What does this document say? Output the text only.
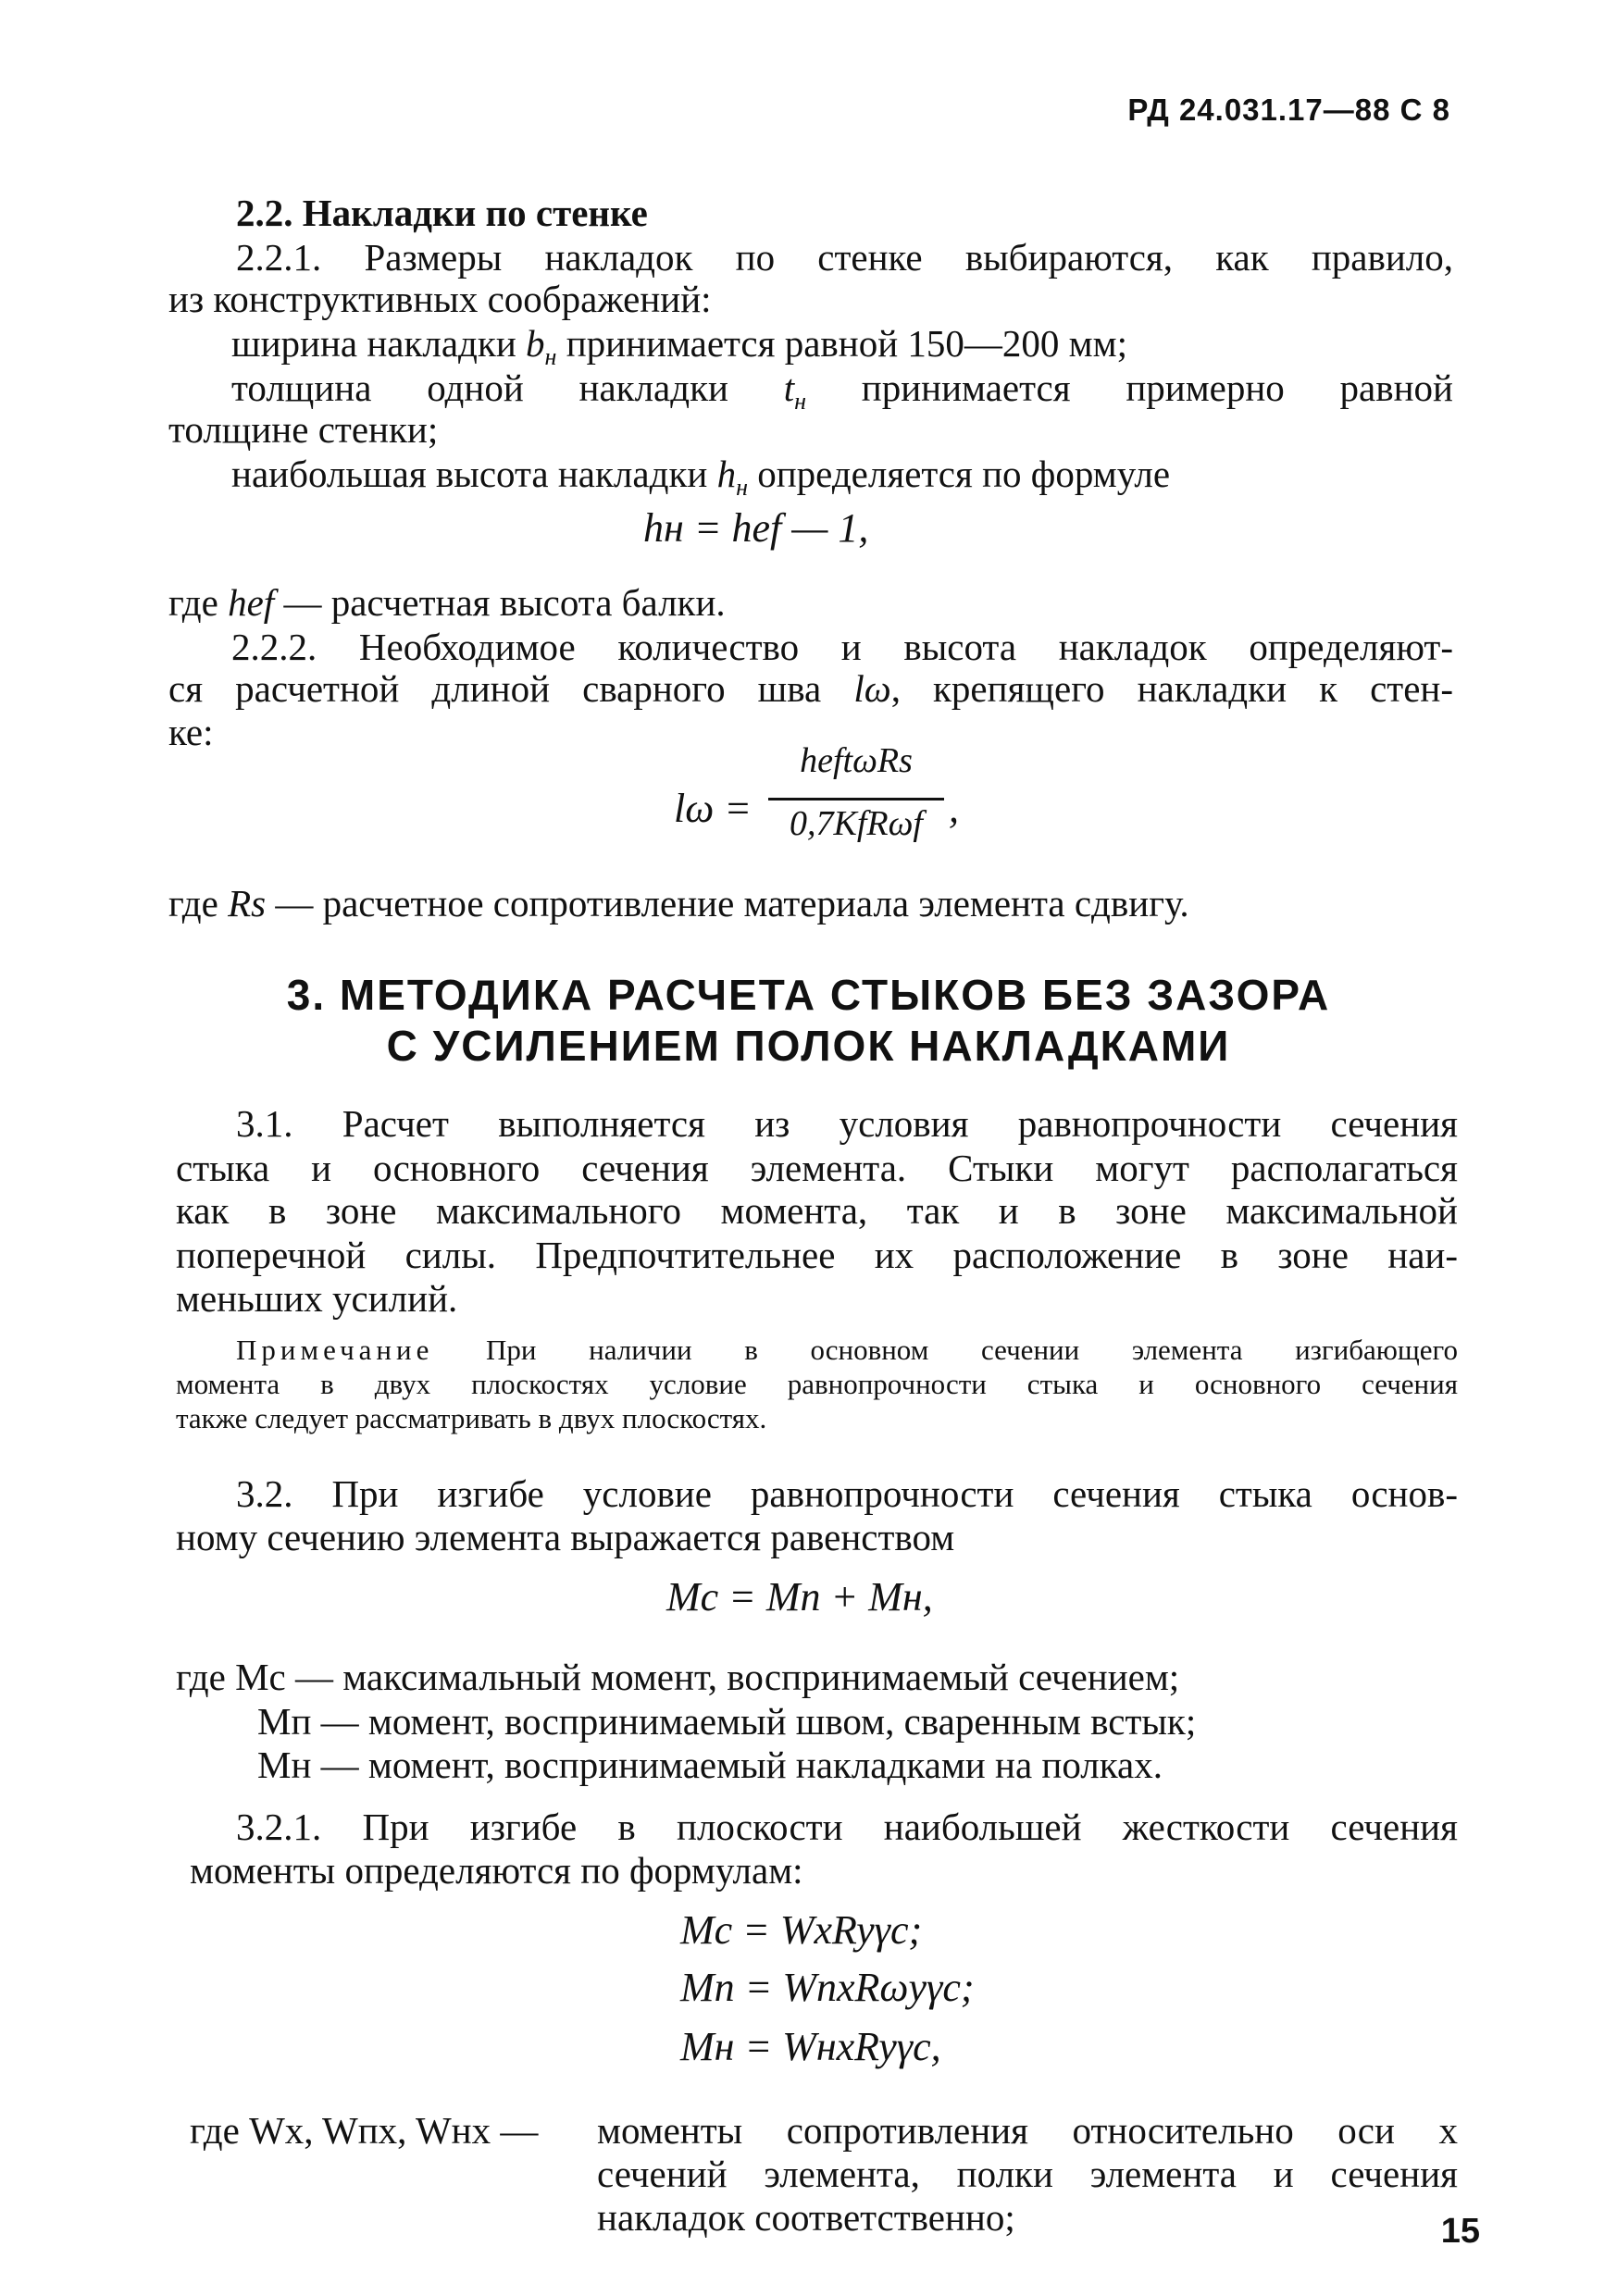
РД 24.031.17—88 С 8
2.2. Накладки по стенке
2.2.1. Размеры накладок по стенке выбираются, как правило,
из конструктивных соображений:
ширина накладки $b_н$ принимается равной 150—200 мм;
толщина одной накладки $t_н$ принимается примерно равной
толщине стенки;
наибольшая высота накладки $h_н$ определяется по формуле
hн = hef — 1,
где hef — расчетная высота балки.
2.2.2. Необходимое количество и высота накладок определяют-
ся расчетной длиной сварного шва lω, крепящего накладки к стен-
ке:
lω =
heftωRs
0,7KfRωf ,
где Rs — расчетное сопротивление материала элемента сдвигу.
3. МЕТОДИКА РАСЧЕТА СТЫКОВ БЕЗ ЗАЗОРА
С УСИЛЕНИЕМ ПОЛОК НАКЛАДКАМИ
3.1. Расчет выполняется из условия равнопрочности сечения
стыка и основного сечения элемента. Стыки могут располагаться
как в зоне максимального момента, так и в зоне максимальной
поперечной силы. Предпочтительнее их расположение в зоне наи-
меньших усилий.
Примечание При наличии в основном сечении элемента изгибающего
момента в двух плоскостях условие равнопрочности стыка и основного сечения
также следует рассматривать в двух плоскостях.
3.2. При изгибе условие равнопрочности сечения стыка основ-
ному сечению элемента выражается равенством
Mс = Mп + Mн,
где Mс — максимальный момент, воспринимаемый сечением;
Mп — момент, воспринимаемый швом, сваренным встык;
Mн — момент, воспринимаемый накладками на полках.
3.2.1. При изгибе в плоскости наибольшей жесткости сечения
моменты определяются по формулам:
Mс = WxRyγc;
Mп = WпxRωyγc;
Mн = WнxRyγc,
где Wx, Wпx, Wнx — моменты сопротивления относительно оси x
сечений элемента, полки элемента и сечения
накладок соответственно;	15
